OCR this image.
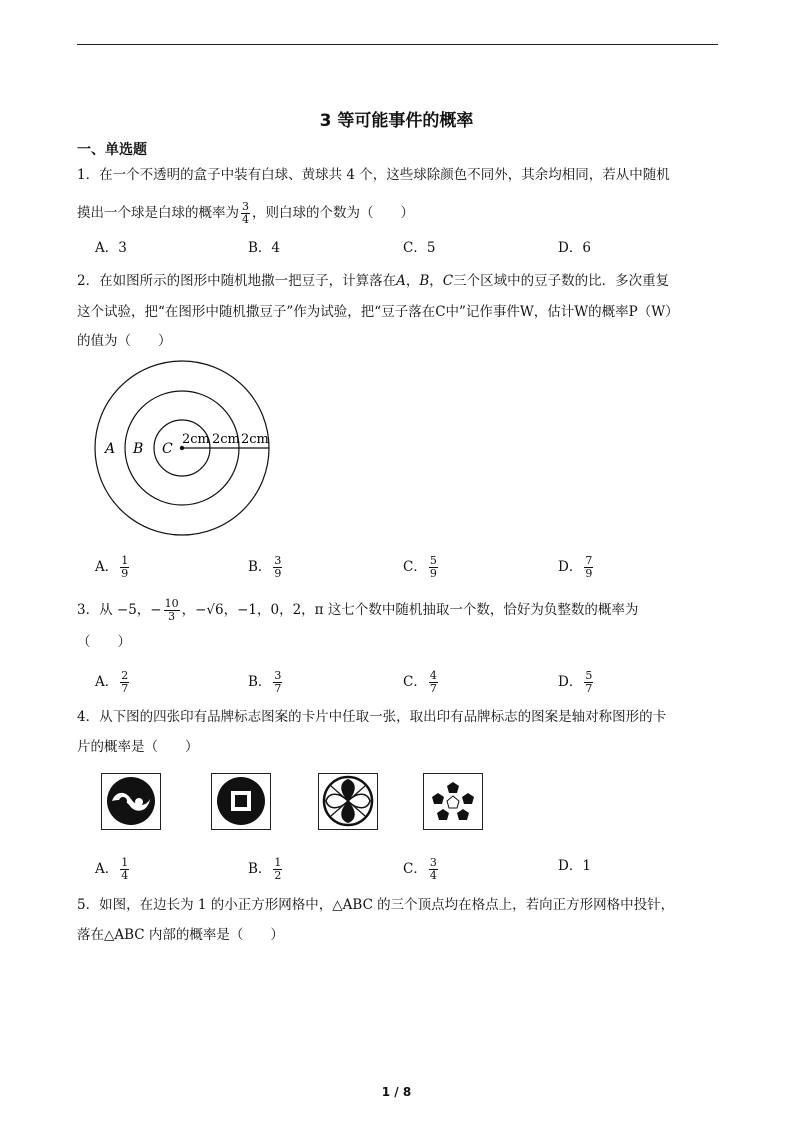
3 等可能事件的概率
一、单选题
1．在一个不透明的盒子中装有白球、黄球共 4 个，这些球除颜色不同外，其余均相同，若从中随机
摸出一个球是白球的概率为 $\frac{3}{4}$ ，则白球的个数为（　　）
A．3	B．4	C．5	D．6
2．在如图所示的图形中随机地撒一把豆子，计算落在A，B，C三个区域中的豆子数的比．多次重复
这个试验，把“在图形中随机撒豆子”作为试验，把“豆子落在C中”记作事件W，估计W的概率P（W）
的值为（　　）
A B C
2cm 2cm 2cm
A． $\frac{1}{9}$	B． $\frac{3}{9}$	C． $\frac{5}{9}$	D． $\frac{7}{9}$
3．从 −5，− $\frac{10}{3}$ ，−√6，−1，0，2，π 这七个数中随机抽取一个数，恰好为负整数的概率为
（　　）
A． $\frac{2}{7}$	B． $\frac{3}{7}$	C． $\frac{4}{7}$	D． $\frac{5}{7}$
4．从下图的四张印有品牌标志图案的卡片中任取一张，取出印有品牌标志的图案是轴对称图形的卡
片的概率是（　　）
A． $\frac{1}{4}$	B． $\frac{1}{2}$	C． $\frac{3}{4}$	D．1
5．如图，在边长为 1 的小正方形网格中，△ABC 的三个顶点均在格点上，若向正方形网格中投针，
落在△ABC 内部的概率是（　　）
1 / 8
